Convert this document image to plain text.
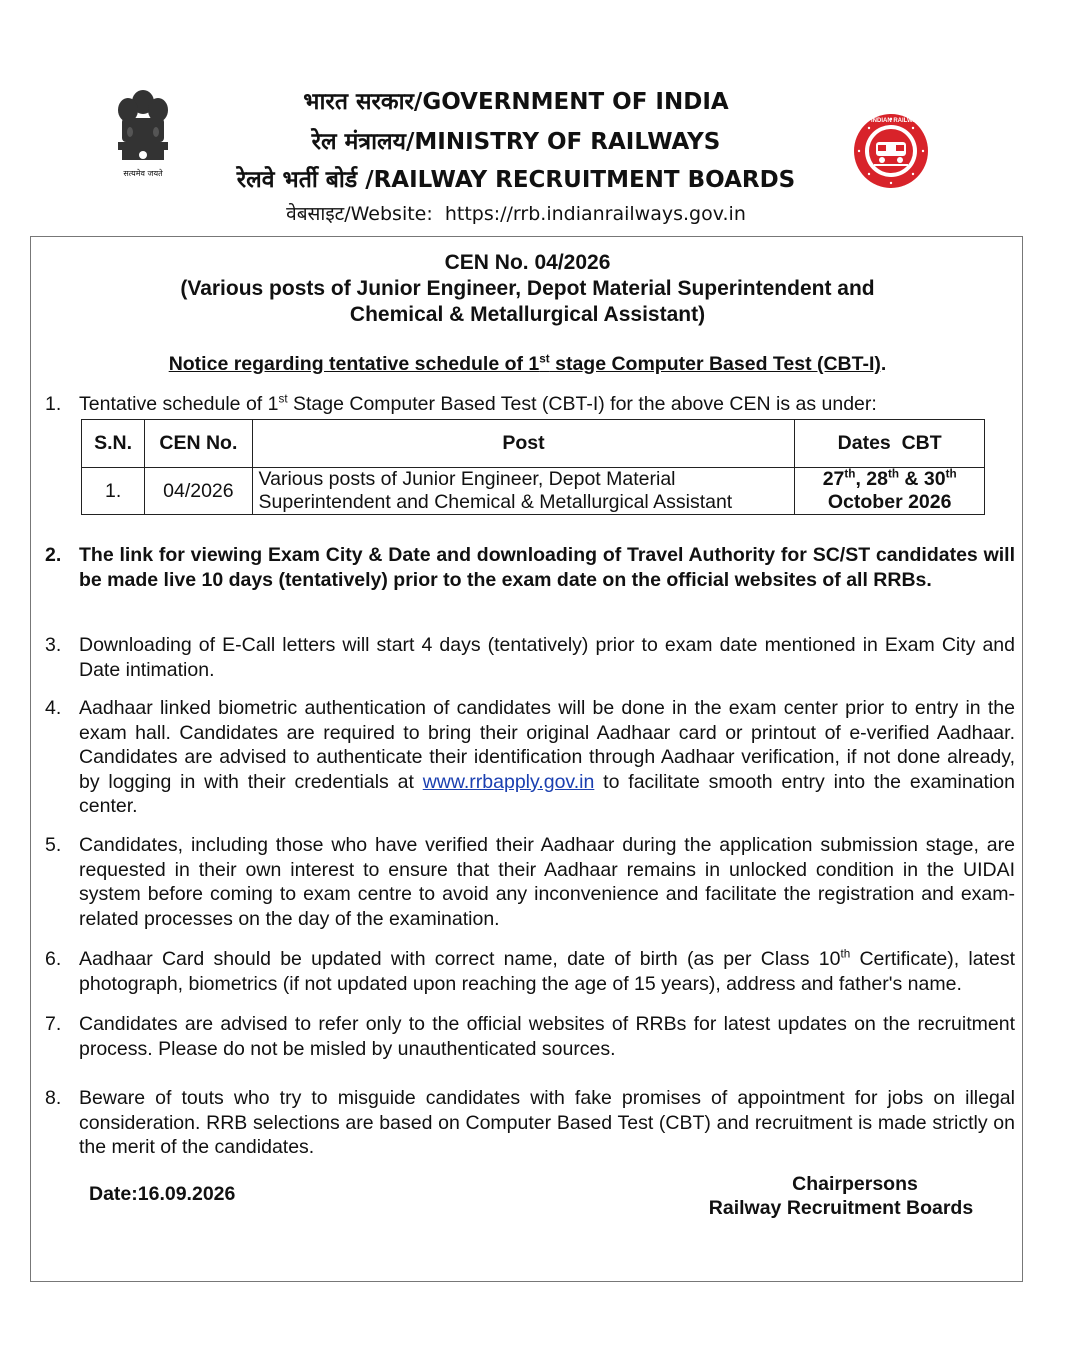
सत्यमेव जयते
भारत सरकार/GOVERNMENT OF INDIA
रेल मंत्रालय/MINISTRY OF RAILWAYS
रेलवे भर्ती बोर्ड /RAILWAY RECRUITMENT BOARDS
वेबसाइट/Website: https://rrb.indianrailways.gov.in
INDIAN RAILWAYS
CEN No. 04/2026
(Various posts of Junior Engineer, Depot Material Superintendent and
Chemical & Metallurgical Assistant)
Notice regarding tentative schedule of 1st stage Computer Based Test (CBT-I).
1. Tentative schedule of 1st Stage Computer Based Test (CBT-I) for the above CEN is as under:
S.N.	CEN No.	Post	Dates  CBT
1.	04/2026	Various posts of Junior Engineer, Depot Material Superintendent and Chemical & Metallurgical Assistant	27th, 28th & 30th
October 2026
2. The link for viewing Exam City & Date and downloading of Travel Authority for SC/ST candidates will be made live 10 days (tentatively) prior to the exam date on the official websites of all RRBs.
3. Downloading of E-Call letters will start 4 days (tentatively) prior to exam date mentioned in Exam City and Date intimation.
4. Aadhaar linked biometric authentication of candidates will be done in the exam center prior to entry in the exam hall. Candidates are required to bring their original Aadhaar card or printout of e-verified Aadhaar. Candidates are advised to authenticate their identification through Aadhaar verification, if not done already, by logging in with their credentials at www.rrbapply.gov.in to facilitate smooth entry into the examination center.
5. Candidates, including those who have verified their Aadhaar during the application submission stage, are requested in their own interest to ensure that their Aadhaar remains in unlocked condition in the UIDAI system before coming to exam centre to avoid any inconvenience and facilitate the registration and exam-related processes on the day of the examination.
6. Aadhaar Card should be updated with correct name, date of birth (as per Class 10th Certificate), latest photograph, biometrics (if not updated upon reaching the age of 15 years), address and father's name.
7. Candidates are advised to refer only to the official websites of RRBs for latest updates on the recruitment process. Please do not be misled by unauthenticated sources.
8. Beware of touts who try to misguide candidates with fake promises of appointment for jobs on illegal consideration. RRB selections are based on Computer Based Test (CBT) and recruitment is made strictly on the merit of the candidates.
Date:16.09.2026	Chairpersons
Railway Recruitment Boards
